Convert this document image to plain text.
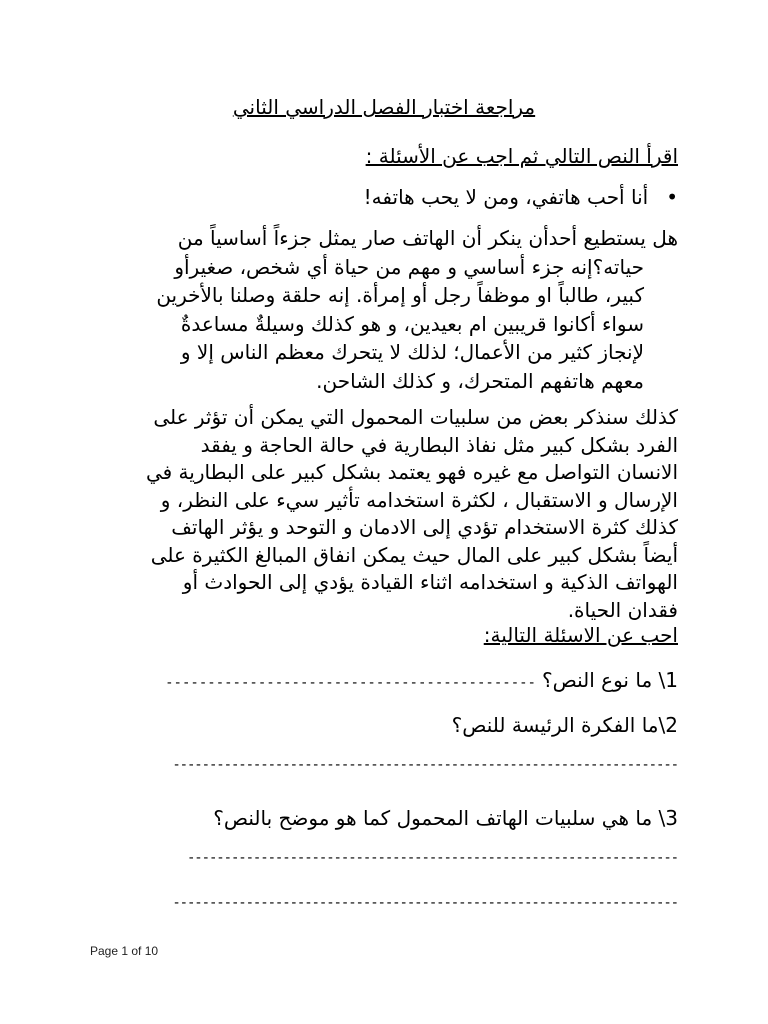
مراجعة اختبار الفصل الدراسي الثاني

اقرأ النص التالي ثم اجب عن الأسئلة :

•أنا أحب هاتفي، ومن لا يحب هاتفه!

هل يستطيع أحدأن ينكر أن الهاتف صار يمثل جزءاً أساسياً من
حياته؟إنه جزء أساسي و مهم من حياة أي شخص، صغيرأو
كبير، طالباً او موظفاً رجل أو إمرأة. إنه حلقة وصلنا بالأخرين
سواء أكانوا قريبين ام بعيدين، و هو كذلك وسيلةٌ مساعدةٌ
لإنجاز كثير من الأعمال؛ لذلك لا يتحرك معظم الناس إلا و
معهم هاتفهم المتحرك، و كذلك الشاحن.
كذلك سنذكر بعض من سلبيات المحمول التي يمكن أن تؤثر على
الفرد بشكل كبير مثل نفاذ البطارية في حالة الحاجة و يفقد
الانسان التواصل مع غيره فهو يعتمد بشكل كبير على البطارية في
الإرسال و الاستقبال ، لكثرة استخدامه تأثير سيء على النظر، و
كذلك كثرة الاستخدام تؤدي إلى الادمان و التوحد و يؤثر الهاتف
أيضاً بشكل كبير على المال حيث يمكن انفاق المبالغ الكثيرة على
الهواتف الذكية و استخدامه اثناء القيادة يؤدي إلى الحوادث أو
فقدان الحياة.

احب عن الاسئلة التالية:

1\ ما نوع النص؟--------------------------------------------

2\ما الفكرة الرئيسة للنص؟

---------------------------------------------------------------------

3\ ما هي سلبيات الهاتف المحمول كما هو موضح بالنص؟

-------------------------------------------------------------------

---------------------------------------------------------------------

Page 1 of 10
